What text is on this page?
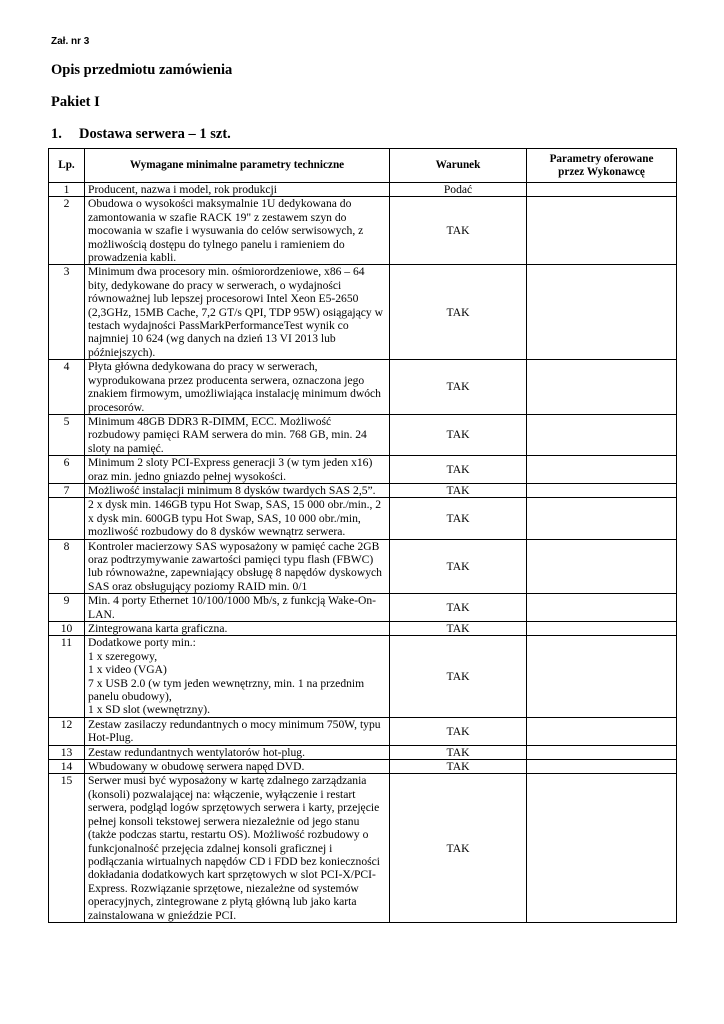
Zał. nr 3
Opis przedmiotu zamówienia
Pakiet I
1. Dostawa serwera – 1 szt.
Lp.	Wymagane minimalne parametry techniczne	Warunek	Parametry oferowane
przez Wykonawcę
1	Producent, nazwa i model, rok produkcji	Podać	
2	Obudowa o wysokości maksymalnie 1U dedykowana do zamontowania w szafie RACK 19" z zestawem szyn do mocowania w szafie i wysuwania do celów serwisowych, z możliwością dostępu do tylnego panelu i ramieniem do prowadzenia kabli.	TAK	
3	Minimum dwa procesory min. ośmiorordzeniowe, x86 – 64 bity, dedykowane do pracy w serwerach, o wydajności równoważnej lub lepszej procesorowi Intel Xeon E5-2650 (2,3GHz, 15MB Cache, 7,2 GT/s QPI, TDP 95W) osiągający w testach wydajności PassMarkPerformanceTest wynik co najmniej 10 624 (wg danych na dzień 13 VI 2013 lub późniejszych).	TAK	
4	Płyta główna dedykowana do pracy w serwerach, wyprodukowana przez producenta serwera, oznaczona jego znakiem firmowym, umożliwiająca instalację minimum dwóch procesorów.	TAK	
5	Minimum 48GB DDR3 R-DIMM, ECC. Możliwość rozbudowy pamięci RAM serwera do min. 768 GB, min. 24 sloty na pamięć.	TAK	
6	Minimum 2 sloty PCI-Express generacji 3 (w tym jeden x16) oraz min. jedno gniazdo pełnej wysokości.	TAK	
7	Możliwość instalacji minimum 8 dysków twardych SAS 2,5”.	TAK	
	2 x dysk min. 146GB typu Hot Swap, SAS, 15 000 obr./min., 2 x dysk min. 600GB typu Hot Swap, SAS, 10 000 obr./min, mozliwość rozbudowy do 8 dysków wewnątrz serwera.	TAK	
8	Kontroler macierzowy SAS wyposażony w pamięć cache 2GB oraz podtrzymywanie zawartości pamięci typu flash (FBWC) lub równoważne, zapewniający obsługę 8 napędów dyskowych SAS oraz obsługujący poziomy RAID min. 0/1	TAK	
9	Min. 4 porty Ethernet 10/100/1000 Mb/s, z funkcją Wake-On-LAN.	TAK	
10	Zintegrowana karta graficzna.	TAK	
11	Dodatkowe porty min.:
1 x szeregowy,
1 x video (VGA)
7 x USB 2.0 (w tym jeden wewnętrzny, min. 1 na przednim panelu obudowy),
1 x SD slot (wewnętrzny).	TAK	
12	Zestaw zasilaczy redundantnych o mocy minimum 750W, typu Hot-Plug.	TAK	
13	Zestaw redundantnych wentylatorów hot-plug.	TAK	
14	Wbudowany w obudowę serwera napęd DVD.	TAK	
15	Serwer musi być wyposażony w kartę zdalnego zarządzania (konsoli) pozwalającej na: włączenie, wyłączenie i restart serwera, podgląd logów sprzętowych serwera i karty, przejęcie pełnej konsoli tekstowej serwera niezależnie od jego stanu (także podczas startu, restartu OS). Możliwość rozbudowy o funkcjonalność przejęcia zdalnej konsoli graficznej i podłączania wirtualnych napędów CD i FDD bez konieczności dokładania dodatkowych kart sprzętowych w slot PCI-X/PCI-Express. Rozwiązanie sprzętowe, niezależne od systemów operacyjnych, zintegrowane z płytą główną lub jako karta zainstalowana w gnieździe PCI.	TAK	
